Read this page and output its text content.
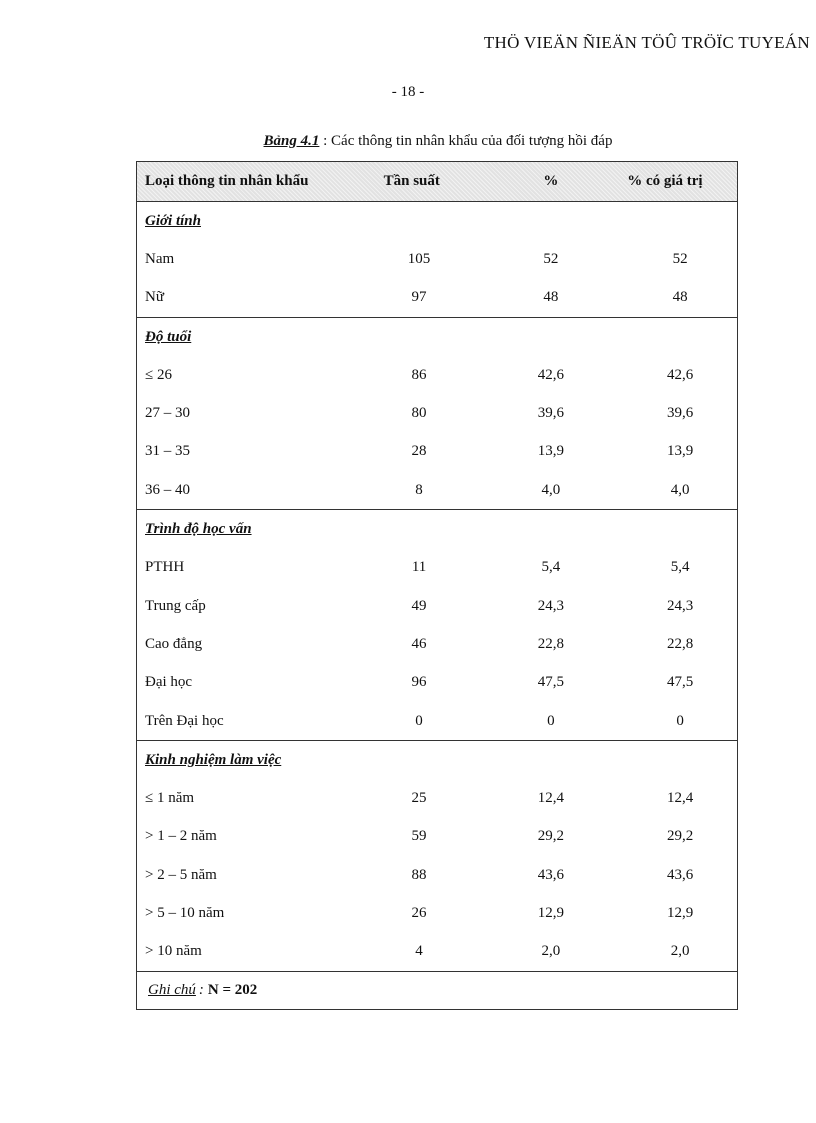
THÖ VIEÄN ÑIEÄN TÖÛ TRÖÏC TUYEÁN
- 18 -
Bảng 4.1 : Các thông tin nhân khẩu của đối tượng hồi đáp
Loại thông tin nhân khẩu	Tần suất	%	% có giá trị
Giới tính
Nam	105	52	52
Nữ	97	48	48
Độ tuổi
≤ 26	86	42,6	42,6
27 – 30	80	39,6	39,6
31 – 35	28	13,9	13,9
36 – 40	8	4,0	4,0
Trình độ học vấn
PTHH	11	5,4	5,4
Trung cấp	49	24,3	24,3
Cao đẳng	46	22,8	22,8
Đại học	96	47,5	47,5
Trên Đại học	0	0	0
Kinh nghiệm làm việc
≤ 1 năm	25	12,4	12,4
> 1 – 2 năm	59	29,2	29,2
> 2 – 5 năm	88	43,6	43,6
> 5 – 10 năm	26	12,9	12,9
> 10 năm	4	2,0	2,0
Ghi chú : N = 202
